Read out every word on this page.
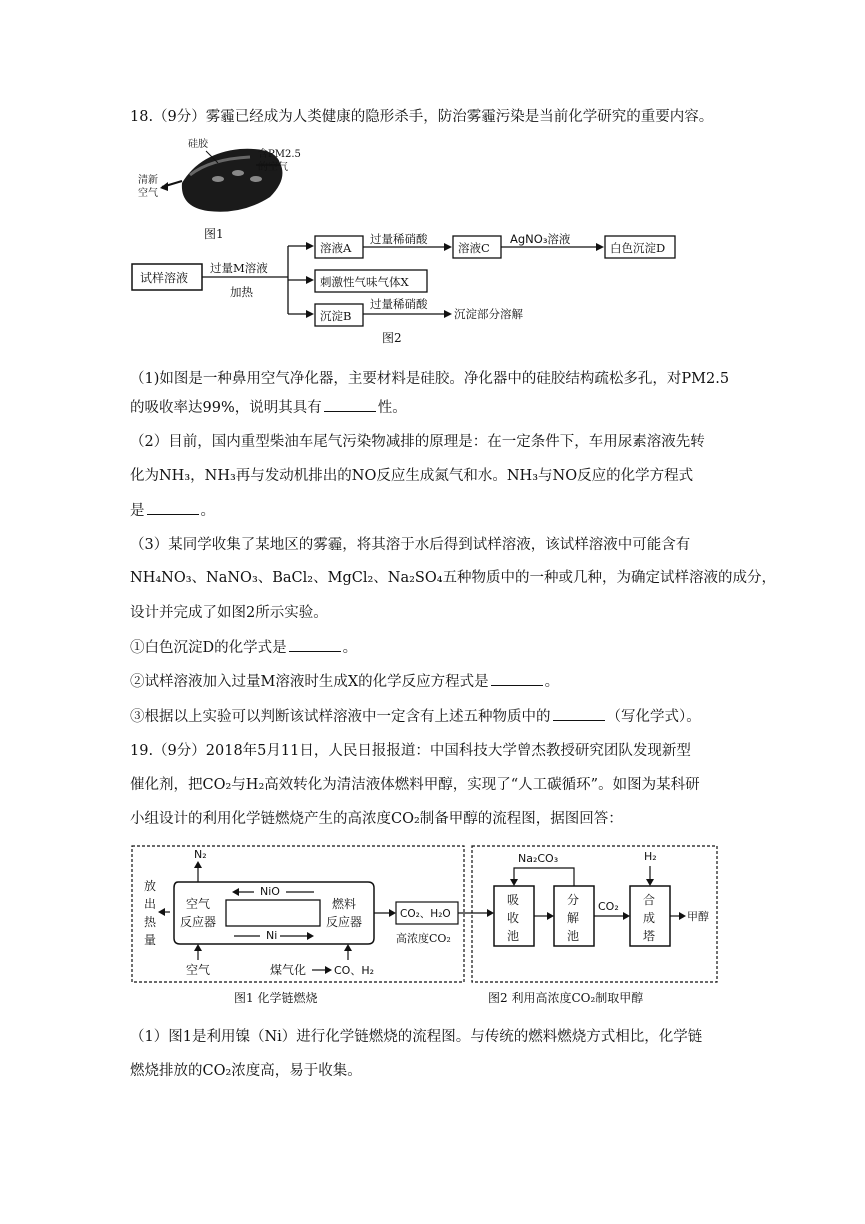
18.（9分）雾霾已经成为人类健康的隐形杀手，防治雾霾污染是当前化学研究的重要内容。
硅胶
含PM2.5
的空气
清新
空气
图1
试样溶液
过量M溶液
加热
溶液A
过量稀硝酸
溶液C
AgNO₃溶液
白色沉淀D
刺激性气味气体X
沉淀B
过量稀硝酸
沉淀部分溶解
图2
（1)如图是一种鼻用空气净化器，主要材料是硅胶。净化器中的硅胶结构疏松多孔，对PM2.5
的吸收率达99%，说明其具有	性。
（2）目前，国内重型柴油车尾气污染物减排的原理是：在一定条件下，车用尿素溶液先转
化为NH₃，NH₃再与发动机排出的NO反应生成氮气和水。NH₃与NO反应的化学方程式
是	。
（3）某同学收集了某地区的雾霾，将其溶于水后得到试样溶液，该试样溶液中可能含有
NH₄NO₃、NaNO₃、BaCl₂、MgCl₂、Na₂SO₄五种物质中的一种或几种，为确定试样溶液的成分，
设计并完成了如图2所示实验。
①白色沉淀D的化学式是	。
②试样溶液加入过量M溶液时生成X的化学反应方程式是	。
③根据以上实验可以判断该试样溶液中一定含有上述五种物质中的	（写化学式）。
19.（9分）2018年5月11日，人民日报报道：中国科技大学曾杰教授研究团队发现新型
催化剂，把CO₂与H₂高效转化为清洁液体燃料甲醇，实现了“人工碳循环”。如图为某科研
小组设计的利用化学链燃烧产生的高浓度CO₂制备甲醇的流程图，据图回答：
放
出
热
量
N₂
空气
反应器
燃料
反应器
NiO
Ni
空气	煤气化	CO、H₂
CO₂、H₂O
高浓度CO₂
吸
收
池
分
解
池
Na₂CO₃
CO₂ 合
成
塔
H₂
甲醇
图1 化学链燃烧	图2 利用高浓度CO₂制取甲醇
（1）图1是利用镍（Ni）进行化学链燃烧的流程图。与传统的燃料燃烧方式相比，化学链
燃烧排放的CO₂浓度高，易于收集。
